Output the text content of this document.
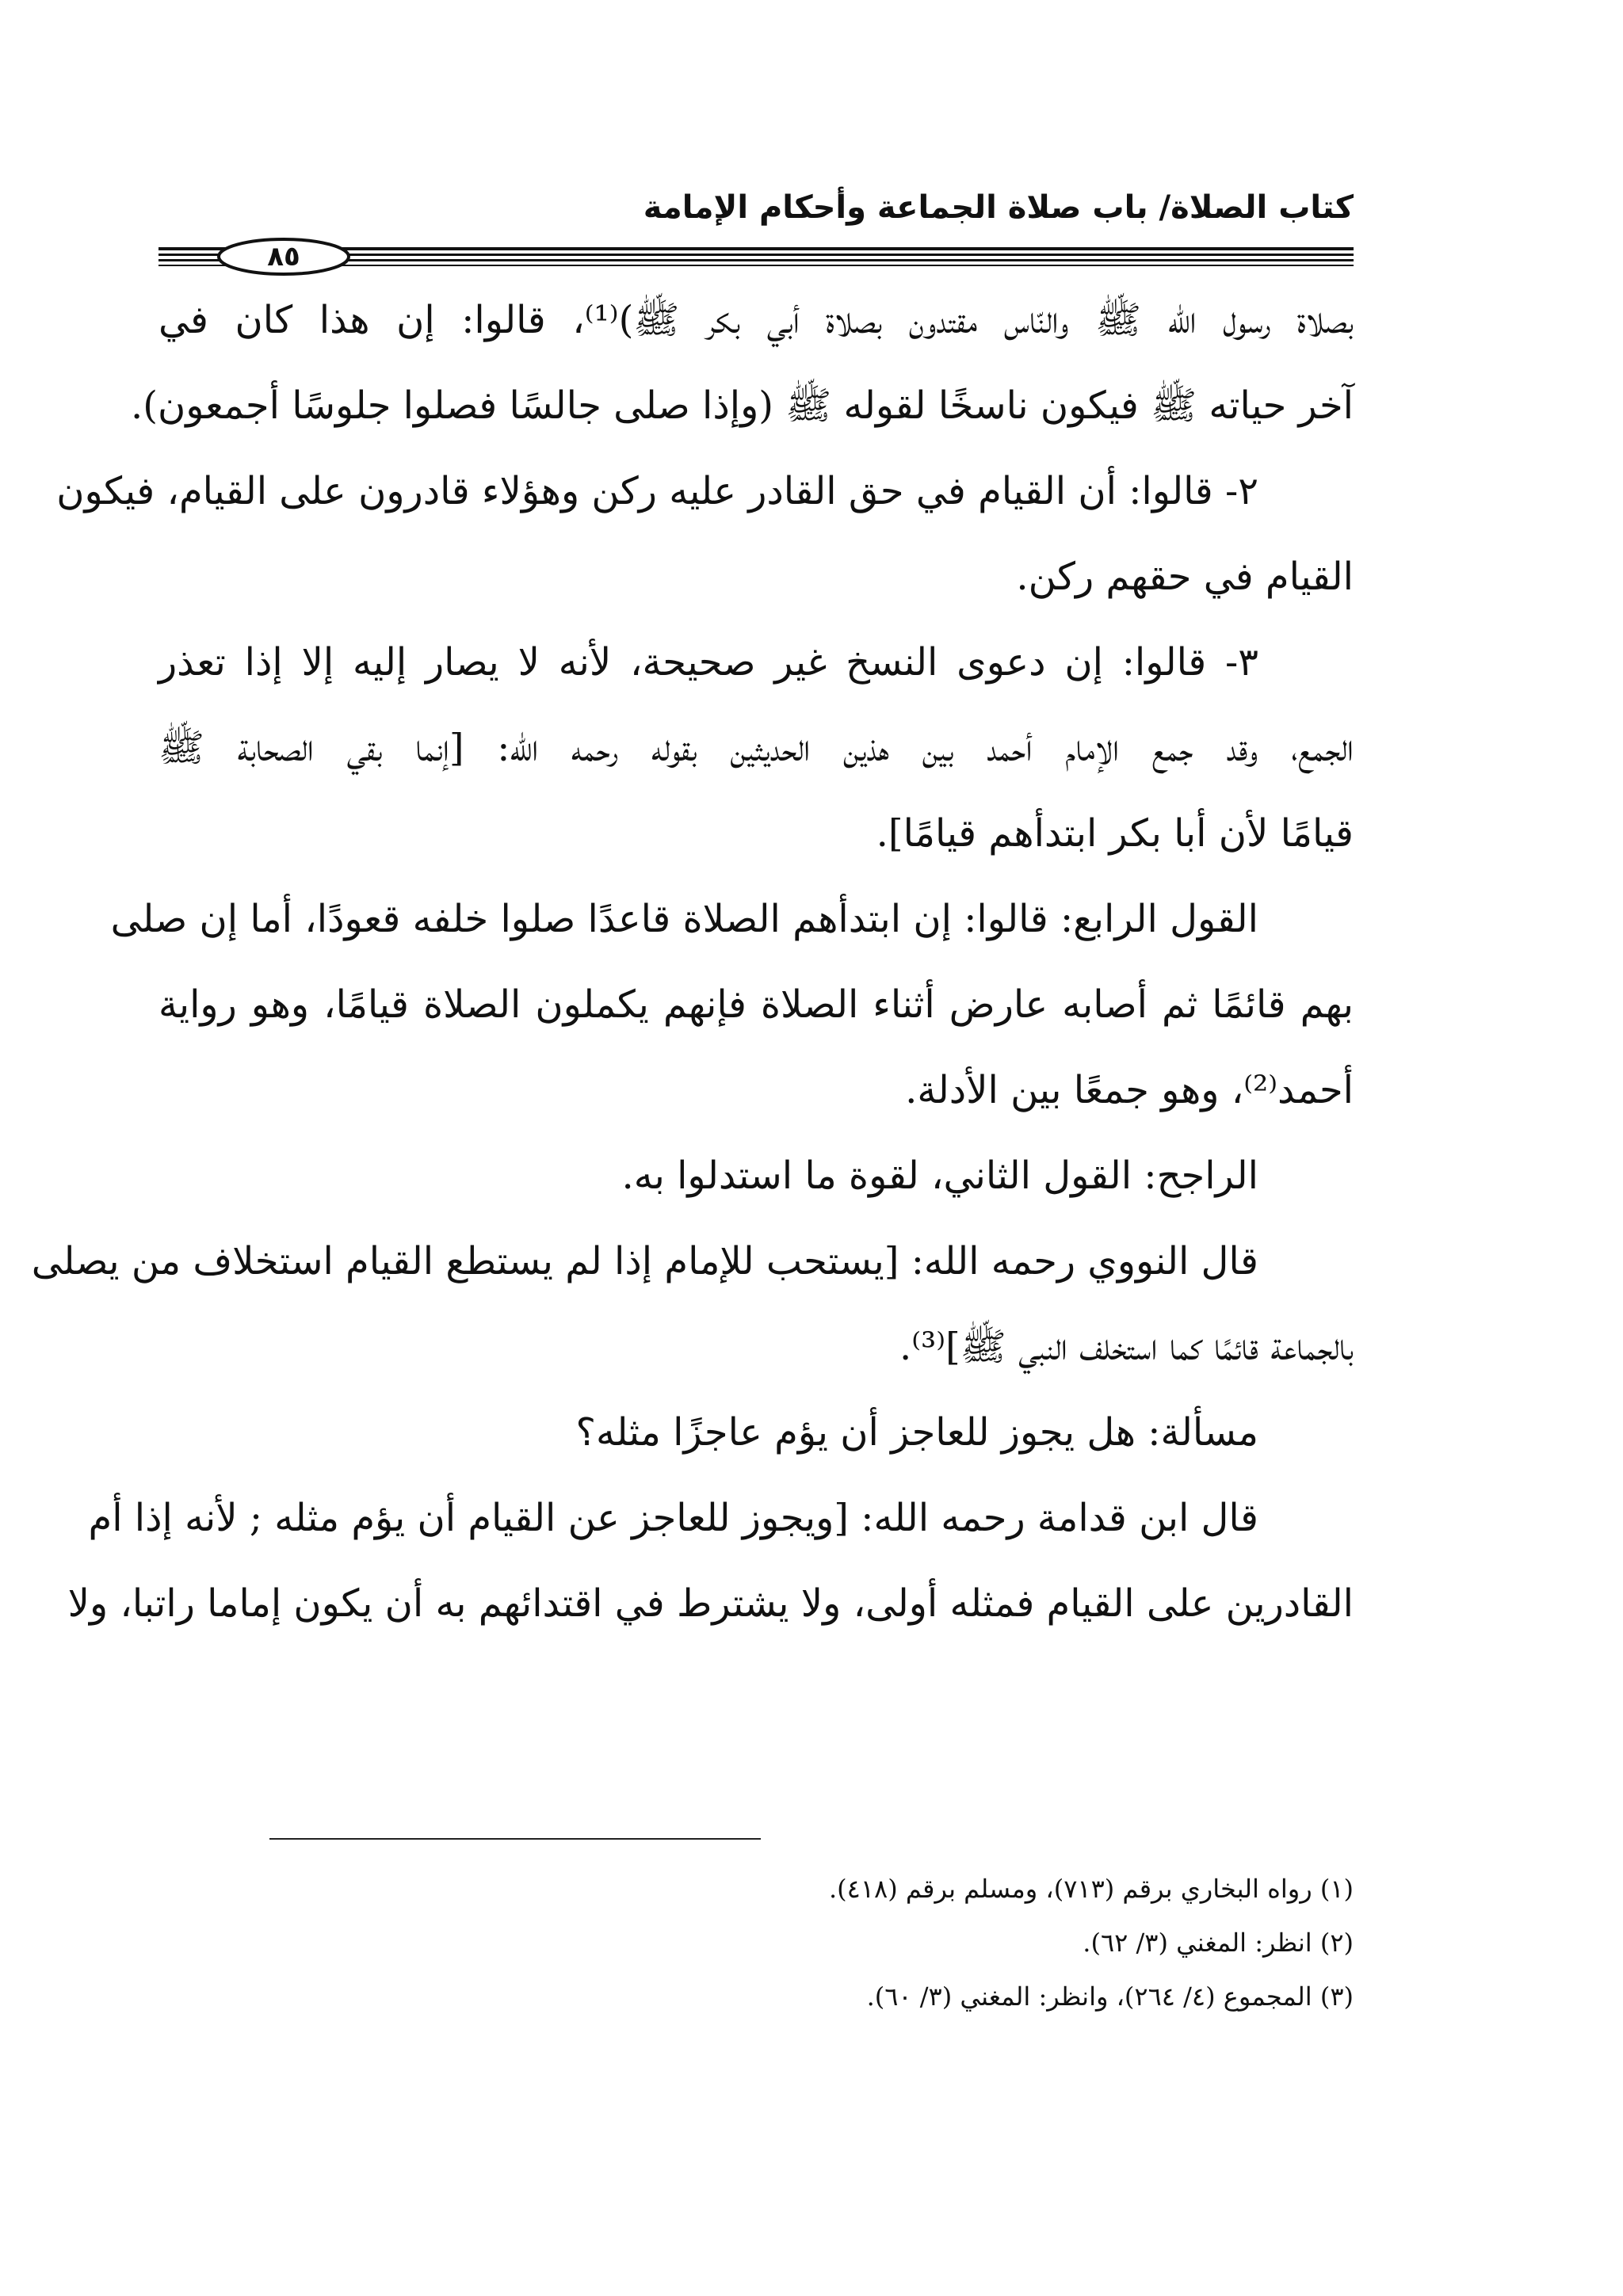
كتاب الصلاة/ باب صلاة الجماعة وأحكام الإمامة
٨٥
بصلاة رسول الله ﷺ والنّاس مقتدون بصلاة أبي بكر ﷺ)⁽¹⁾، قالوا: إن هذا كان في
آخر حياته ﷺ فيكون ناسخًا لقوله ﷺ (وإذا صلى جالسًا فصلوا جلوسًا أجمعون).
٢- قالوا: أن القيام في حق القادر عليه ركن وهؤلاء قادرون على القيام، فيكون
القيام في حقهم ركن.
٣- قالوا: إن دعوى النسخ غير صحيحة، لأنه لا يصار إليه إلا إذا تعذر
الجمع، وقد جمع الإمام أحمد بين هذين الحديثين بقوله رحمه الله: [إنما بقي الصحابة ﷺ
قيامًا لأن أبا بكر ابتدأهم قيامًا].
القول الرابع: قالوا: إن ابتدأهم الصلاة قاعدًا صلوا خلفه قعودًا، أما إن صلى
بهم قائمًا ثم أصابه عارض أثناء الصلاة فإنهم يكملون الصلاة قيامًا، وهو رواية
أحمد⁽²⁾، وهو جمعًا بين الأدلة.
الراجح: القول الثاني، لقوة ما استدلوا به.
قال النووي رحمه الله: [يستحب للإمام إذا لم يستطع القيام استخلاف من يصلى
بالجماعة قائمًا كما استخلف النبي ﷺ]⁽³⁾.
مسألة: هل يجوز للعاجز أن يؤم عاجزًا مثله؟
قال ابن قدامة رحمه الله: [ويجوز للعاجز عن القيام أن يؤم مثله ; لأنه إذا أم
القادرين على القيام فمثله أولى، ولا يشترط في اقتدائهم به أن يكون إماما راتبا، ولا
(١) رواه البخاري برقم (٧١٣)، ومسلم برقم (٤١٨).
(٢) انظر: المغني (٣/ ٦٢).
(٣) المجموع (٤/ ٢٦٤)، وانظر: المغني (٣/ ٦٠).
